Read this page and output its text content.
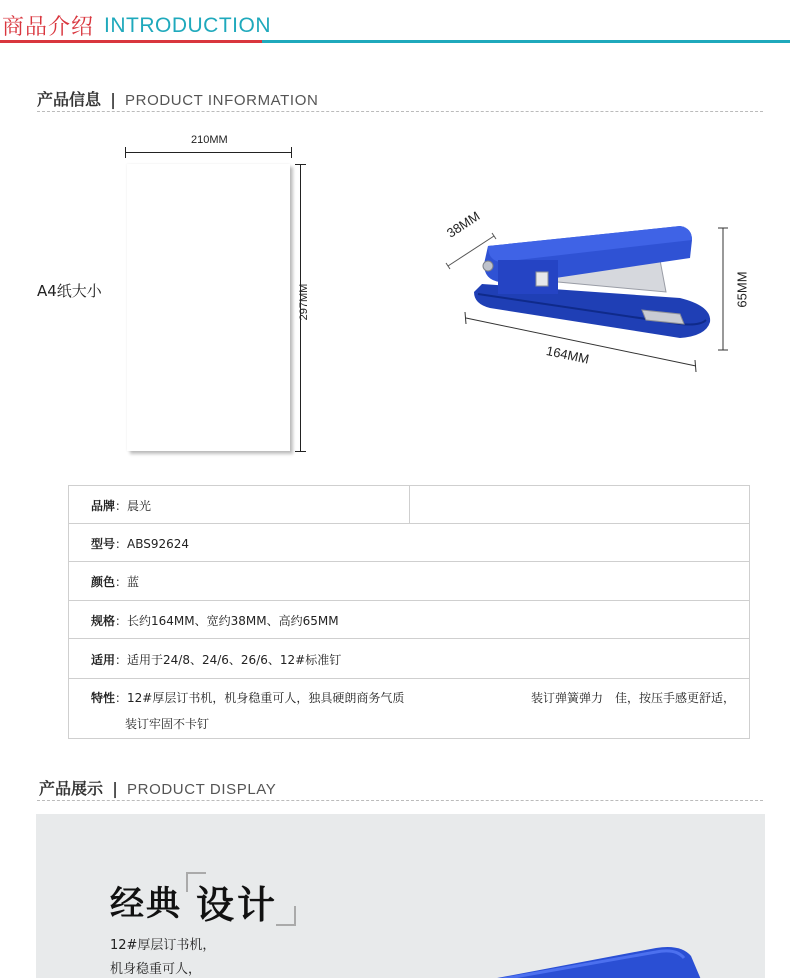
商品介绍 INTRODUCTION
产品信息 | PRODUCT INFORMATION
A4纸大小
210MM
297MM
38MM
164MM
65MM
品牌：晨光
型号：ABS92624
颜色：蓝
规格：长约164MM、宽约38MM、高约65MM
适用：适用于24/8、24/6、26/6、12#标准钉
特性：12#厚层订书机，机身稳重可人，独具硬朗商务气质	装订弹簧弹力　佳，按压手感更舒适，
装订牢固不卡钉
产品展示 | PRODUCT DISPLAY
经典 设计
12#厚层订书机，
机身稳重可人，
